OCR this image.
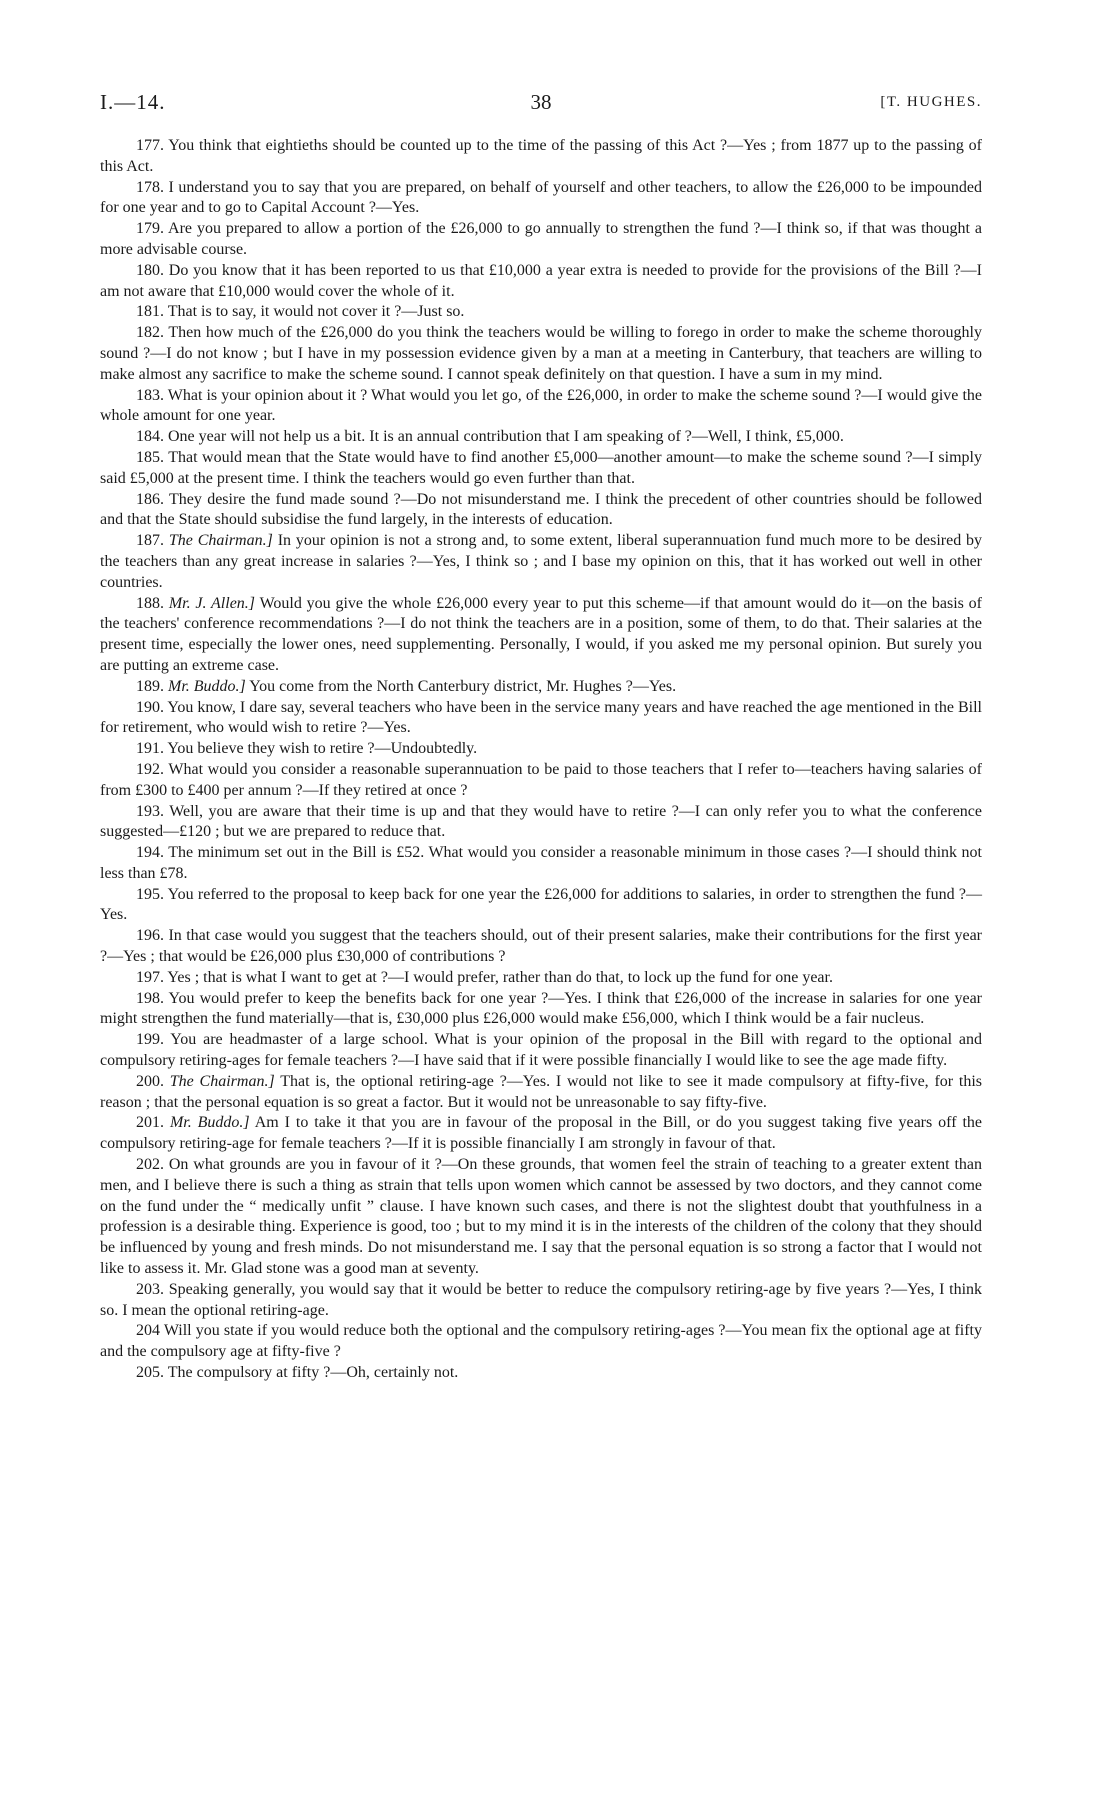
I.—14.	38	[T. HUGHES.

177. You think that eightieths should be counted up to the time of the passing of this Act ?—Yes ; from 1877 up to the passing of this Act.

178. I understand you to say that you are prepared, on behalf of yourself and other teachers, to allow the £26,000 to be impounded for one year and to go to Capital Account ?—Yes.

179. Are you prepared to allow a portion of the £26,000 to go annually to strengthen the fund ?—I think so, if that was thought a more advisable course.

180. Do you know that it has been reported to us that £10,000 a year extra is needed to provide for the provisions of the Bill ?—I am not aware that £10,000 would cover the whole of it.

181. That is to say, it would not cover it ?—Just so.

182. Then how much of the £26,000 do you think the teachers would be willing to forego in order to make the scheme thoroughly sound ?—I do not know ; but I have in my possession evidence given by a man at a meeting in Canterbury, that teachers are willing to make almost any sacrifice to make the scheme sound. I cannot speak definitely on that question. I have a sum in my mind.

183. What is your opinion about it ? What would you let go, of the £26,000, in order to make the scheme sound ?—I would give the whole amount for one year.

184. One year will not help us a bit. It is an annual contribution that I am speaking of ?—Well, I think, £5,000.

185. That would mean that the State would have to find another £5,000—another amount—to make the scheme sound ?—I simply said £5,000 at the present time. I think the teachers would go even further than that.

186. They desire the fund made sound ?—Do not misunderstand me. I think the precedent of other countries should be followed and that the State should subsidise the fund largely, in the interests of education.

187. The Chairman.] In your opinion is not a strong and, to some extent, liberal superannuation fund much more to be desired by the teachers than any great increase in salaries ?—Yes, I think so ; and I base my opinion on this, that it has worked out well in other countries.

188. Mr. J. Allen.] Would you give the whole £26,000 every year to put this scheme—if that amount would do it—on the basis of the teachers' conference recommendations ?—I do not think the teachers are in a position, some of them, to do that. Their salaries at the present time, especially the lower ones, need supplementing. Personally, I would, if you asked me my personal opinion. But surely you are putting an extreme case.

189. Mr. Buddo.] You come from the North Canterbury district, Mr. Hughes ?—Yes.

190. You know, I dare say, several teachers who have been in the service many years and have reached the age mentioned in the Bill for retirement, who would wish to retire ?—Yes.

191. You believe they wish to retire ?—Undoubtedly.

192. What would you consider a reasonable superannuation to be paid to those teachers that I refer to—teachers having salaries of from £300 to £400 per annum ?—If they retired at once ?

193. Well, you are aware that their time is up and that they would have to retire ?—I can only refer you to what the conference suggested—£120 ; but we are prepared to reduce that.

194. The minimum set out in the Bill is £52. What would you consider a reasonable minimum in those cases ?—I should think not less than £78.

195. You referred to the proposal to keep back for one year the £26,000 for additions to salaries, in order to strengthen the fund ?—Yes.

196. In that case would you suggest that the teachers should, out of their present salaries, make their contributions for the first year ?—Yes ; that would be £26,000 plus £30,000 of contributions ?

197. Yes ; that is what I want to get at ?—I would prefer, rather than do that, to lock up the fund for one year.

198. You would prefer to keep the benefits back for one year ?—Yes. I think that £26,000 of the increase in salaries for one year might strengthen the fund materially—that is, £30,000 plus £26,000 would make £56,000, which I think would be a fair nucleus.

199. You are headmaster of a large school. What is your opinion of the proposal in the Bill with regard to the optional and compulsory retiring-ages for female teachers ?—I have said that if it were possible financially I would like to see the age made fifty.

200. The Chairman.] That is, the optional retiring-age ?—Yes. I would not like to see it made compulsory at fifty-five, for this reason ; that the personal equation is so great a factor. But it would not be unreasonable to say fifty-five.

201. Mr. Buddo.] Am I to take it that you are in favour of the proposal in the Bill, or do you suggest taking five years off the compulsory retiring-age for female teachers ?—If it is possible financially I am strongly in favour of that.

202. On what grounds are you in favour of it ?—On these grounds, that women feel the strain of teaching to a greater extent than men, and I believe there is such a thing as strain that tells upon women which cannot be assessed by two doctors, and they cannot come on the fund under the “ medically unfit ” clause. I have known such cases, and there is not the slightest doubt that youthfulness in a profession is a desirable thing. Experience is good, too ; but to my mind it is in the interests of the children of the colony that they should be influenced by young and fresh minds. Do not misunderstand me. I say that the personal equation is so strong a factor that I would not like to assess it. Mr. Glad stone was a good man at seventy.

203. Speaking generally, you would say that it would be better to reduce the compulsory retiring-age by five years ?—Yes, I think so. I mean the optional retiring-age.

204 Will you state if you would reduce both the optional and the compulsory retiring-ages ?—You mean fix the optional age at fifty and the compulsory age at fifty-five ?

205. The compulsory at fifty ?—Oh, certainly not.
